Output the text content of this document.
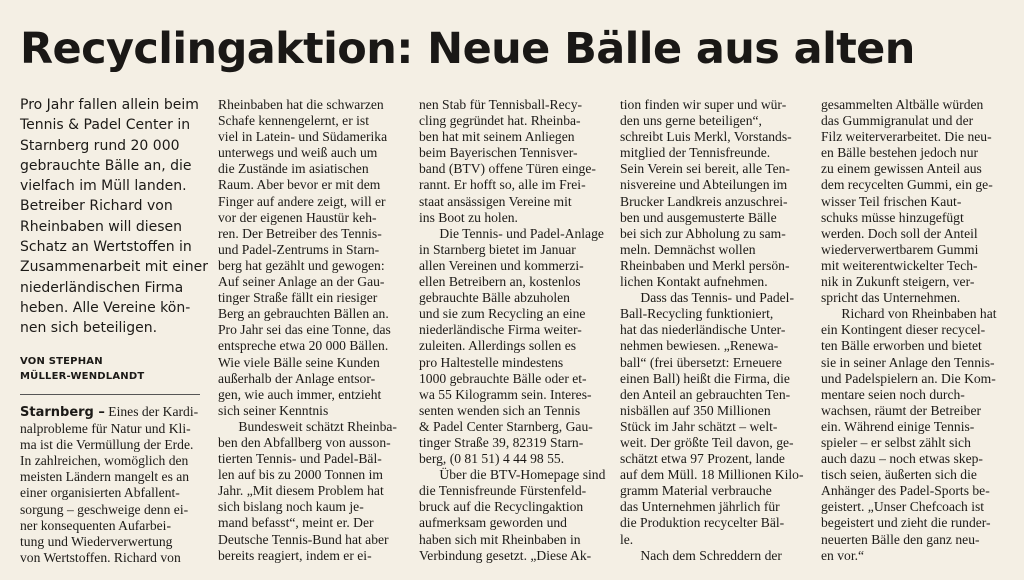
Recyclingaktion: Neue Bälle aus alten

Pro Jahr fallen allein beim
Tennis & Padel Center in
Starnberg rund 20 000
gebrauchte Bälle an, die
vielfach im Müll landen.
Betreiber Richard von
Rheinbaben will diesen
Schatz an Wertstoffen in
Zusammenarbeit mit einer
niederländischen Firma
heben. Alle Vereine kön-
nen sich beteiligen.

VON STEPHAN
MÜLLER-WENDLANDT

Starnberg – Eines der Kardi-
nalprobleme für Natur und Kli-
ma ist die Vermüllung der Erde.
In zahlreichen, womöglich den
meisten Ländern mangelt es an
einer organisierten Abfallent-
sorgung – geschweige denn ei-
ner konsequenten Aufarbei-
tung und Wiederverwertung
von Wertstoffen. Richard von

Rheinbaben hat die schwarzen
Schafe kennengelernt, er ist
viel in Latein- und Südamerika
unterwegs und weiß auch um
die Zustände im asiatischen
Raum. Aber bevor er mit dem
Finger auf andere zeigt, will er
vor der eigenen Haustür keh-
ren. Der Betreiber des Tennis-
und Padel-Zentrums in Starn-
berg hat gezählt und gewogen:
Auf seiner Anlage an der Gau-
tinger Straße fällt ein riesiger
Berg an gebrauchten Bällen an.
Pro Jahr sei das eine Tonne, das
entspreche etwa 20 000 Bällen.
Wie viele Bälle seine Kunden
außerhalb der Anlage entsor-
gen, wie auch immer, entzieht
sich seiner Kenntnis
Bundesweit schätzt Rheinba-
ben den Abfallberg von ausson-
tierten Tennis- und Padel-Bäl-
len auf bis zu 2000 Tonnen im
Jahr. „Mit diesem Problem hat
sich bislang noch kaum je-
mand befasst“, meint er. Der
Deutsche Tennis-Bund hat aber
bereits reagiert, indem er ei-

nen Stab für Tennisball-Recy-
cling gegründet hat. Rheinba-
ben hat mit seinem Anliegen
beim Bayerischen Tennisver-
band (BTV) offene Türen einge-
rannt. Er hofft so, alle im Frei-
staat ansässigen Vereine mit
ins Boot zu holen.
Die Tennis- und Padel-Anlage
in Starnberg bietet im Januar
allen Vereinen und kommerzi-
ellen Betreibern an, kostenlos
gebrauchte Bälle abzuholen
und sie zum Recycling an eine
niederländische Firma weiter-
zuleiten. Allerdings sollen es
pro Haltestelle mindestens
1000 gebrauchte Bälle oder et-
wa 55 Kilogramm sein. Interes-
senten wenden sich an Tennis
& Padel Center Starnberg, Gau-
tinger Straße 39, 82319 Starn-
berg, (0 81 51) 4 44 98 55.
Über die BTV-Homepage sind
die Tennisfreunde Fürstenfeld-
bruck auf die Recyclingaktion
aufmerksam geworden und
haben sich mit Rheinbaben in
Verbindung gesetzt. „Diese Ak-

tion finden wir super und wür-
den uns gerne beteiligen“,
schreibt Luis Merkl, Vorstands-
mitglied der Tennisfreunde.
Sein Verein sei bereit, alle Ten-
nisvereine und Abteilungen im
Brucker Landkreis anzuschrei-
ben und ausgemusterte Bälle
bei sich zur Abholung zu sam-
meln. Demnächst wollen
Rheinbaben und Merkl persön-
lichen Kontakt aufnehmen.
Dass das Tennis- und Padel-
Ball-Recycling funktioniert,
hat das niederländische Unter-
nehmen bewiesen. „Renewa-
ball“ (frei übersetzt: Erneuere
einen Ball) heißt die Firma, die
den Anteil an gebrauchten Ten-
nisbällen auf 350 Millionen
Stück im Jahr schätzt – welt-
weit. Der größte Teil davon, ge-
schätzt etwa 97 Prozent, lande
auf dem Müll. 18 Millionen Kilo-
gramm Material verbrauche
das Unternehmen jährlich für
die Produktion recycelter Bäl-
le.
Nach dem Schreddern der

gesammelten Altbälle würden
das Gummigranulat und der
Filz weiterverarbeitet. Die neu-
en Bälle bestehen jedoch nur
zu einem gewissen Anteil aus
dem recycelten Gummi, ein ge-
wisser Teil frischen Kaut-
schuks müsse hinzugefügt
werden. Doch soll der Anteil
wiederverwertbarem Gummi
mit weiterentwickelter Tech-
nik in Zukunft steigern, ver-
spricht das Unternehmen.
Richard von Rheinbaben hat
ein Kontingent dieser recycel-
ten Bälle erworben und bietet
sie in seiner Anlage den Tennis-
und Padelspielern an. Die Kom-
mentare seien noch durch-
wachsen, räumt der Betreiber
ein. Während einige Tennis-
spieler – er selbst zählt sich
auch dazu – noch etwas skep-
tisch seien, äußerten sich die
Anhänger des Padel-Sports be-
geistert. „Unser Chefcoach ist
begeistert und zieht die runder-
neuerten Bälle den ganz neu-
en vor.“
